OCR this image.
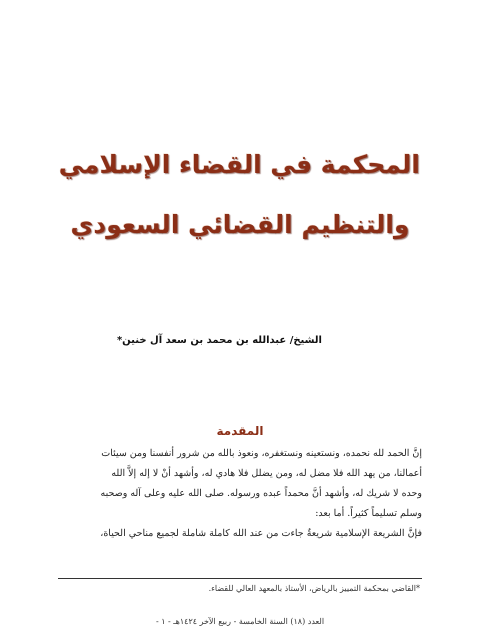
المحكمة في القضاء الإسلامي
والتنظيم القضائي السعودي
الشيخ/ عبدالله بن محمد بن سعد آل خنين*
المقدمة
إنَّ الحمد لله نحمده، ونستعينه ونستغفره، ونعوذ بالله من شرور أنفسنا ومن سيئات
أعمالنا، من يهد الله فلا مضل له، ومن يضلل فلا هادي له، وأشهد أنْ لا إله إلاَّ الله
وحده لا شريك له، وأشهد أنَّ محمداً عبده ورسوله. صلى الله عليه وعلى آله وصحبه
وسلم تسليماً كثيراً. أما بعد:
فإنَّ الشريعة الإسلامية شريعةٌ جاءت من عند الله كاملة شاملة لجميع مناحي الحياة،
*القاضي بمحكمة التمييز بالرياض، الأستاذ بالمعهد العالي للقضاء.
العدد (١٨) السنة الخامسة - ربيع الآخر ١٤٢٤هـ - ١ -
